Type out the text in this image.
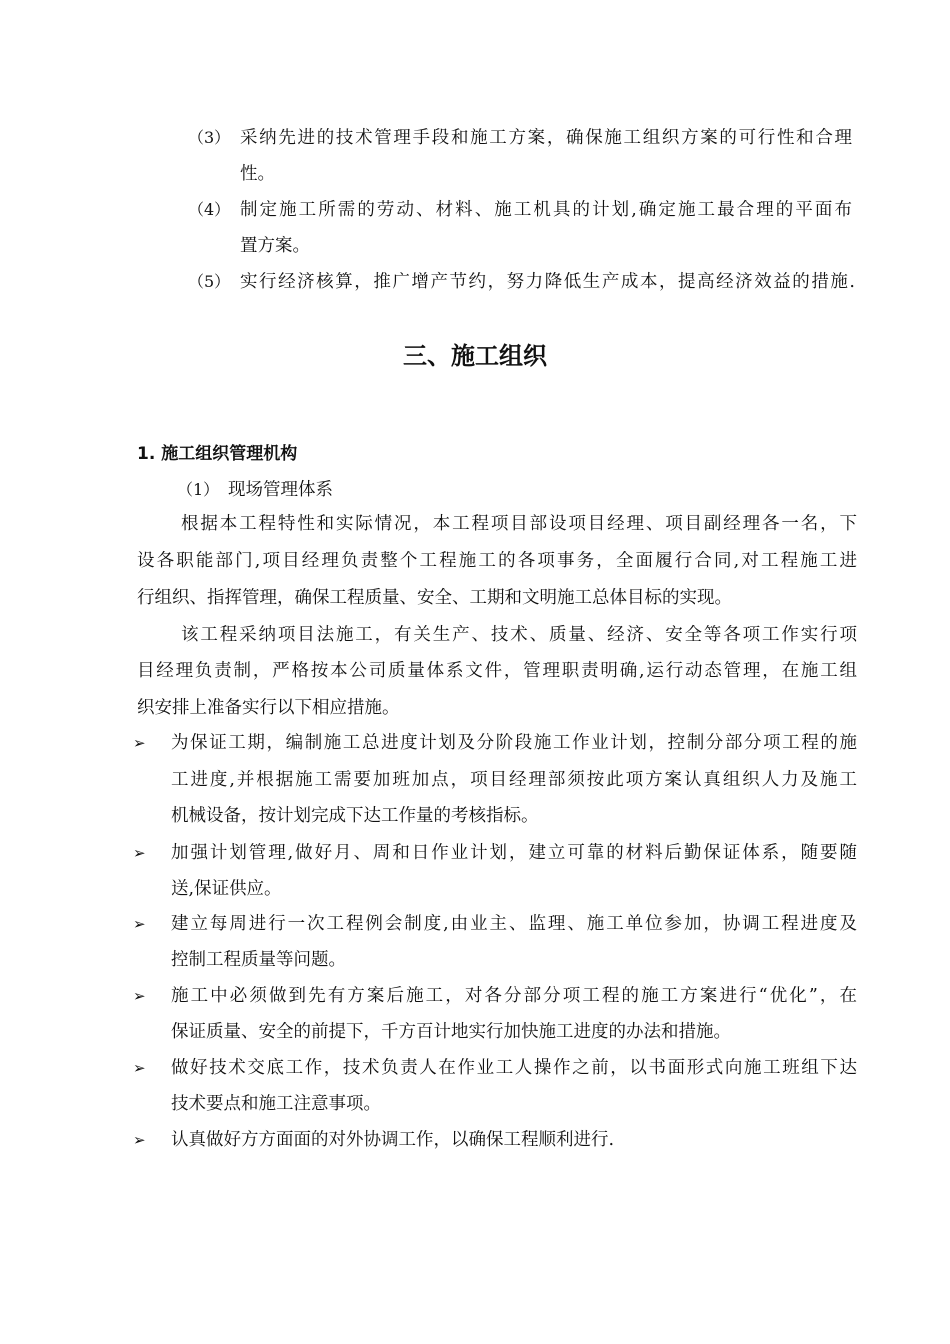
（3） 采纳先进的技术管理手段和施工方案，确保施工组织方案的可行性和合理
性。
（4） 制定施工所需的劳动、材料、施工机具的计划,确定施工最合理的平面布
置方案。
（5） 实行经济核算，推广增产节约，努力降低生产成本，提高经济效益的措施.
三、施工组织
1. 施工组织管理机构
（1） 现场管理体系
根据本工程特性和实际情况，本工程项目部设项目经理、项目副经理各一名，下
设各职能部门,项目经理负责整个工程施工的各项事务，全面履行合同,对工程施工进
行组织、指挥管理，确保工程质量、安全、工期和文明施工总体目标的实现。
该工程采纳项目法施工，有关生产、技术、质量、经济、安全等各项工作实行项
目经理负责制，严格按本公司质量体系文件，管理职责明确,运行动态管理，在施工组
织安排上准备实行以下相应措施。
➢ 为保证工期，编制施工总进度计划及分阶段施工作业计划，控制分部分项工程的施
工进度,并根据施工需要加班加点，项目经理部须按此项方案认真组织人力及施工
机械设备，按计划完成下达工作量的考核指标。
➢ 加强计划管理,做好月、周和日作业计划，建立可靠的材料后勤保证体系，随要随
送,保证供应。
➢ 建立每周进行一次工程例会制度,由业主、监理、施工单位参加，协调工程进度及
控制工程质量等问题。
➢ 施工中必须做到先有方案后施工，对各分部分项工程的施工方案进行“优化”，在
保证质量、安全的前提下，千方百计地实行加快施工进度的办法和措施。
➢ 做好技术交底工作，技术负责人在作业工人操作之前，以书面形式向施工班组下达
技术要点和施工注意事项。
➢ 认真做好方方面面的对外协调工作，以确保工程顺利进行.
